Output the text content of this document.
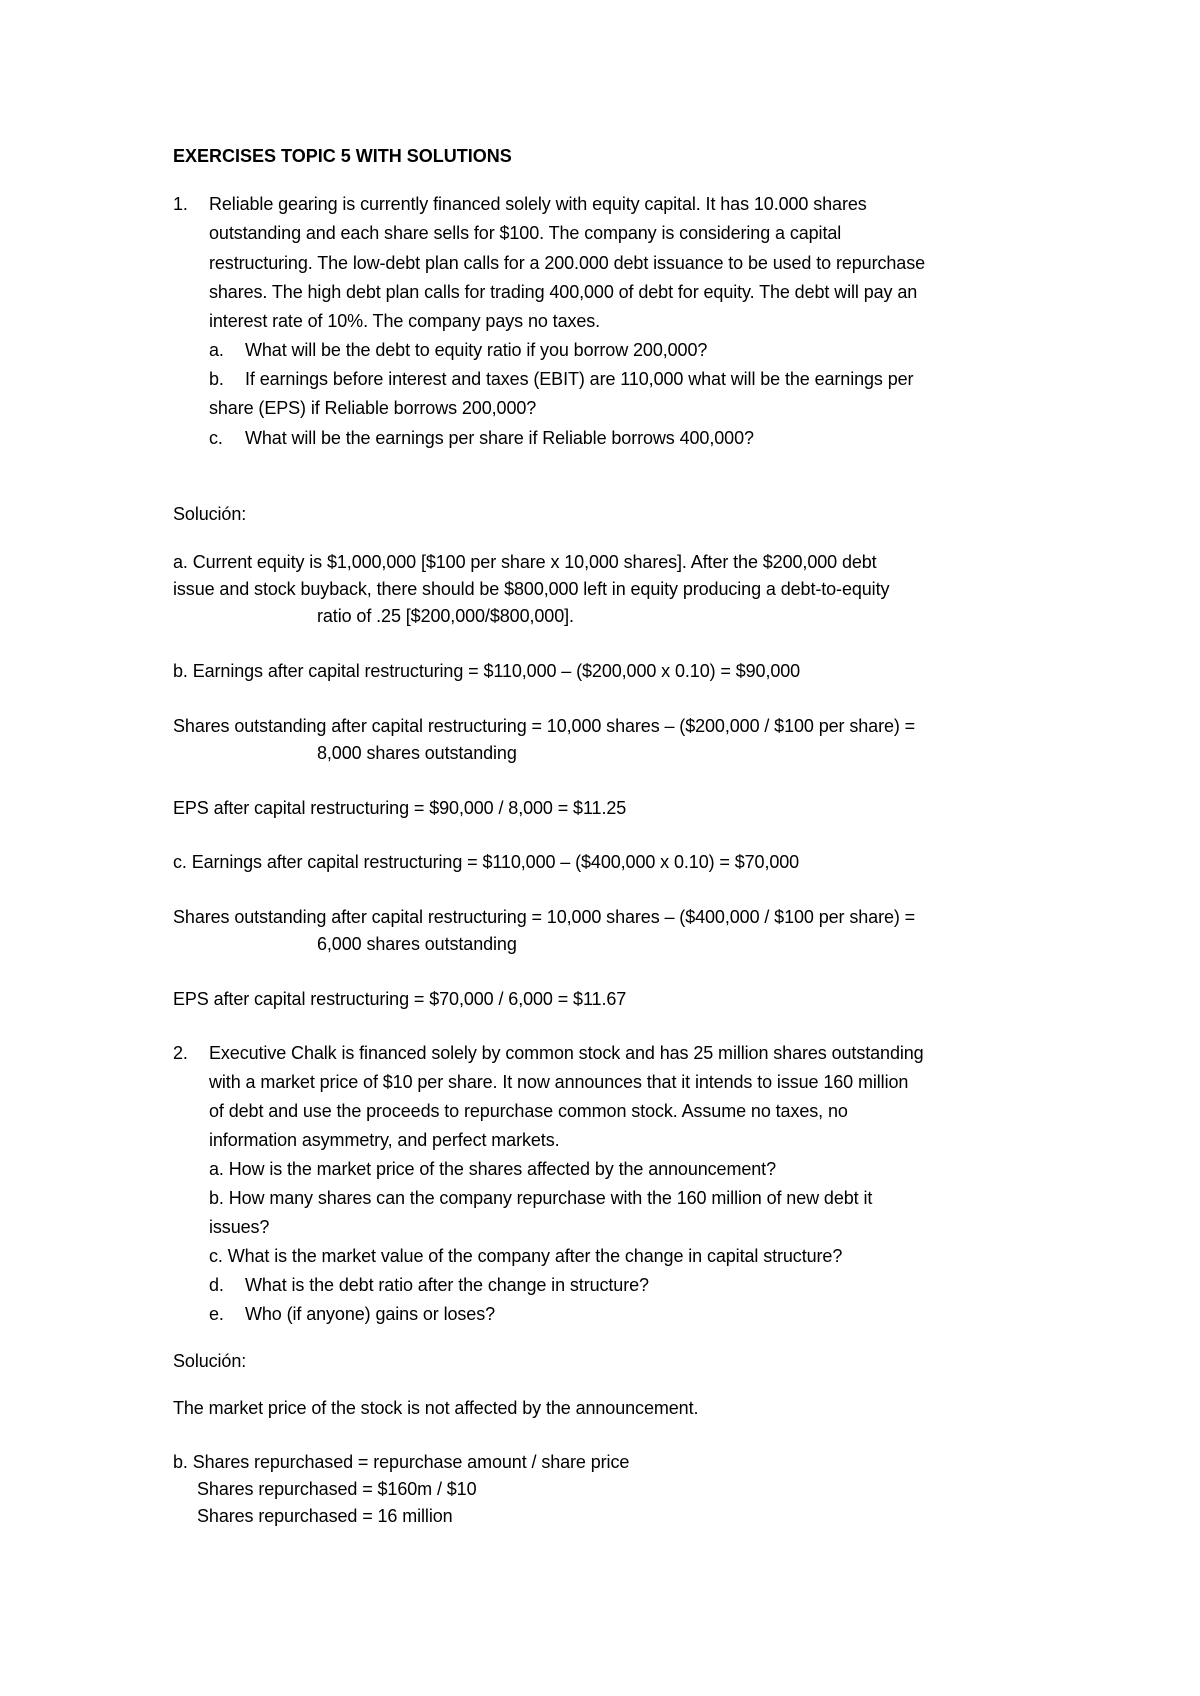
EXERCISES TOPIC 5 WITH SOLUTIONS
1. Reliable gearing is currently financed solely with equity capital. It has 10.000 shares
outstanding and each share sells for $100. The company is considering a capital
restructuring. The low-debt plan calls for a 200.000 debt issuance to be used to repurchase
shares. The high debt plan calls for trading 400,000 of debt for equity. The debt will pay an
interest rate of 10%. The company pays no taxes.
a. What will be the debt to equity ratio if you borrow 200,000?
b. If earnings before interest and taxes (EBIT) are 110,000 what will be the earnings per
share (EPS) if Reliable borrows 200,000?
c. What will be the earnings per share if Reliable borrows 400,000?
Solución:
a. Current equity is $1,000,000 [$100 per share x 10,000 shares]. After the $200,000 debt
issue and stock buyback, there should be $800,000 left in equity producing a debt-to-equity
ratio of .25 [$200,000/$800,000].
b. Earnings after capital restructuring = $110,000 – ($200,000 x 0.10) = $90,000
Shares outstanding after capital restructuring = 10,000 shares – ($200,000 / $100 per share) =
8,000 shares outstanding
EPS after capital restructuring = $90,000 / 8,000 = $11.25
c. Earnings after capital restructuring = $110,000 – ($400,000 x 0.10) = $70,000
Shares outstanding after capital restructuring = 10,000 shares – ($400,000 / $100 per share) =
6,000 shares outstanding
EPS after capital restructuring = $70,000 / 6,000 = $11.67
2. Executive Chalk is financed solely by common stock and has 25 million shares outstanding
with a market price of $10 per share. It now announces that it intends to issue 160 million
of debt and use the proceeds to repurchase common stock. Assume no taxes, no
information asymmetry, and perfect markets.
a. How is the market price of the shares affected by the announcement?
b. How many shares can the company repurchase with the 160 million of new debt it
issues?
c. What is the market value of the company after the change in capital structure?
d. What is the debt ratio after the change in structure?
e. Who (if anyone) gains or loses?
Solución:
The market price of the stock is not affected by the announcement.
b. Shares repurchased = repurchase amount / share price
Shares repurchased = $160m / $10
Shares repurchased = 16 million
